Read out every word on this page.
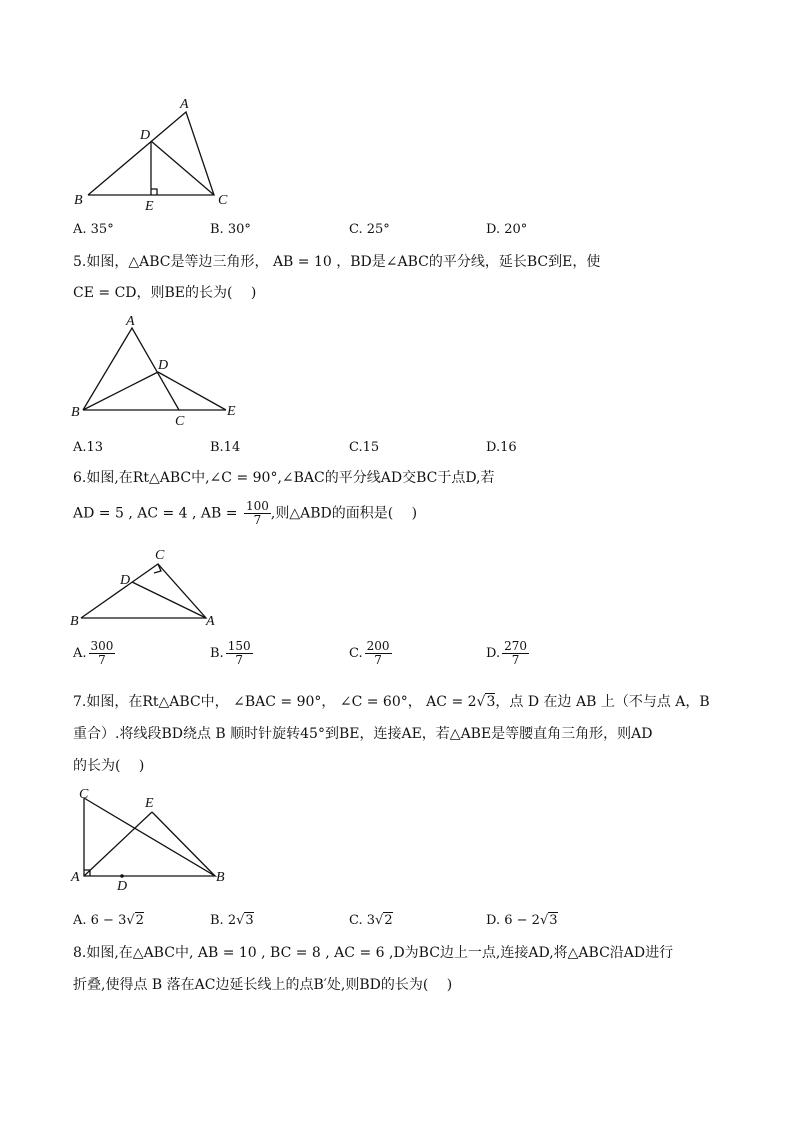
A
D
B	E	C
A. 35°	B. 30°	C. 25°	D. 20°
5.如图，△ABC是等边三角形， AB = 10 ，BD是∠ABC的平分线，延长BC到E，使
CE = CD，则BE的长为(　 )
A
D
B
C
E
A.13	B.14	C.15	D.16
6.如图,在Rt△ABC中,∠C = 90°,∠BAC的平分线AD交BC于点D,若
AD = 5 , AC = 4 , AB = $\frac{100}{7}$ ,则△ABD的面积是(　 )
C
D
B	A
A. $\frac{300}{7}$	B. $\frac{150}{7}$	C. $\frac{200}{7}$	D. $\frac{270}{7}$
7.如图，在Rt△ABC中， ∠BAC = 90°， ∠C = 60°， AC = 2√3，点 D 在边 AB 上（不与点 A，B
重合）.将线段BD绕点 B 顺时针旋转45°到BE，连接AE，若△ABE是等腰直角三角形，则AD
的长为(　 )
C
E
A
D
B
A. 6 − 3√2	B. 2√3	C. 3√2	D. 6 − 2√3
8.如图,在△ABC中, AB = 10 , BC = 8 , AC = 6 ,D为BC边上一点,连接AD,将△ABC沿AD进行
折叠,使得点 B 落在AC边延长线上的点B′处,则BD的长为(　 )
